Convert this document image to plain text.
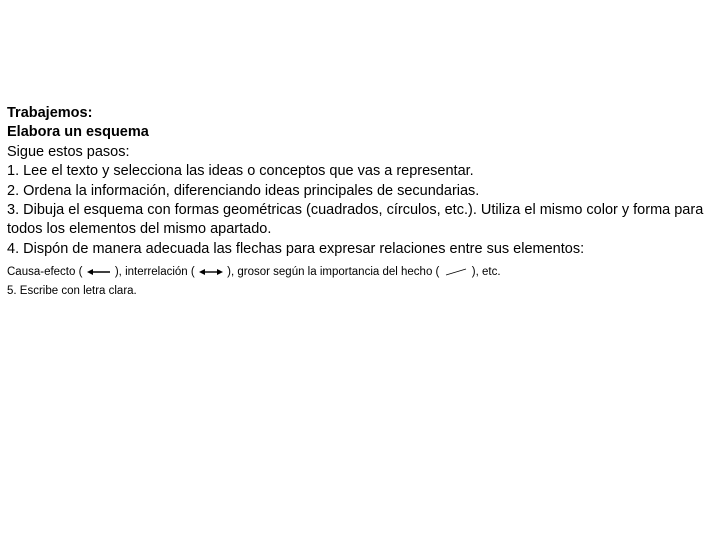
Trabajemos:
Elabora un esquema
Sigue estos pasos:
1. Lee el texto y selecciona las ideas o conceptos que vas a representar.
2. Ordena la información, diferenciando ideas principales de secundarias.
3. Dibuja el esquema con formas geométricas (cuadrados, círculos, etc.). Utiliza el mismo color y forma para todos los elementos del mismo apartado.
4. Dispón de manera adecuada las flechas para expresar relaciones entre sus elementos:
Causa-efecto (	), interrelación (	), grosor según la importancia del hecho (	), etc.
5. Escribe con letra clara.
